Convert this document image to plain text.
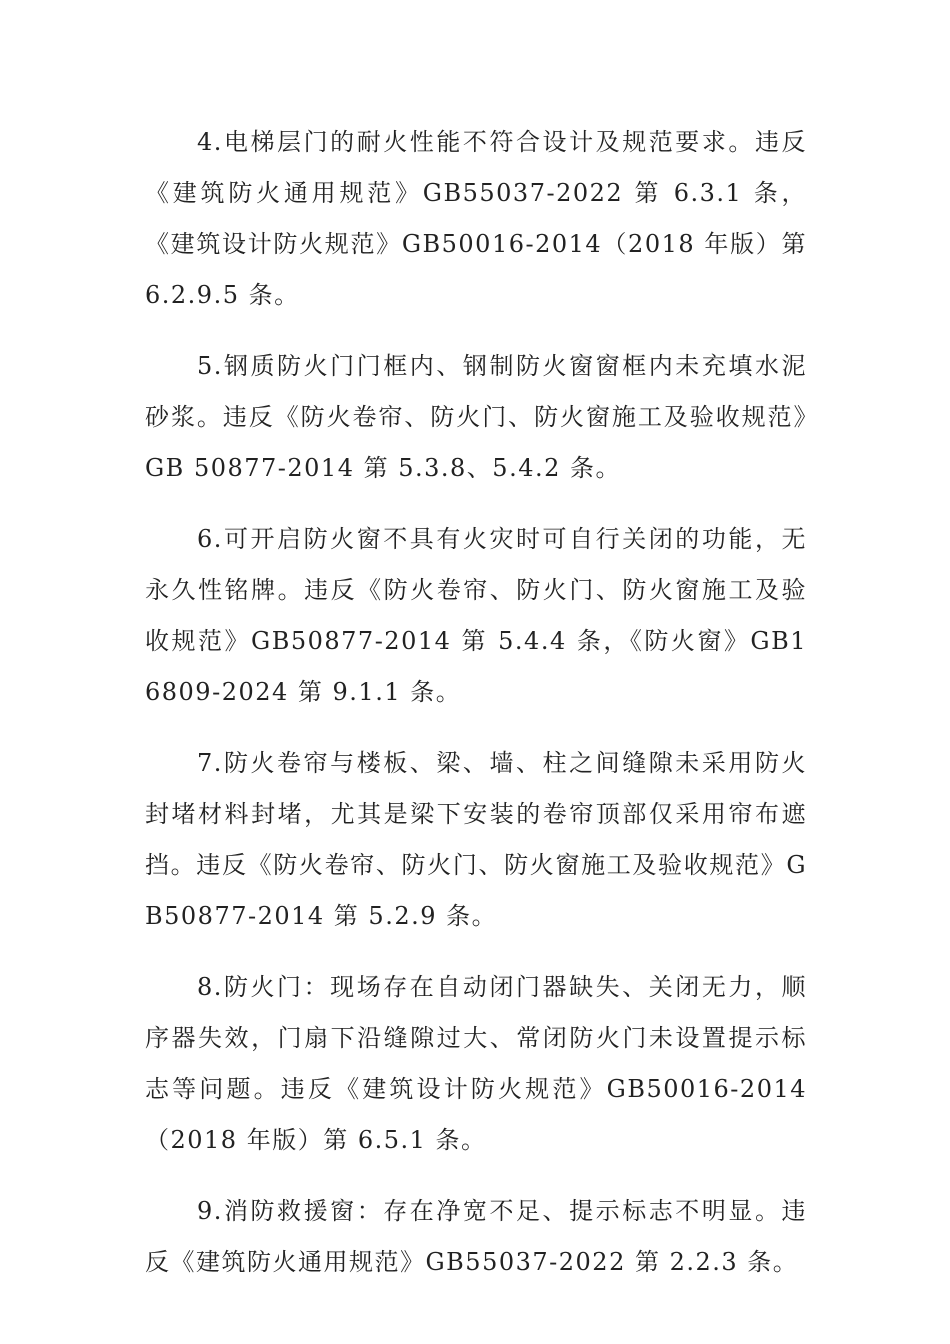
4.电梯层门的耐火性能不符合设计及规范要求。违反《建筑防火通用规范》GB55037-2022 第 6.3.1 条，《建筑设计防火规范》GB50016-2014（2018 年版）第 6.2.9.5 条。

5.钢质防火门门框内、钢制防火窗窗框内未充填水泥砂浆。违反《防火卷帘、防火门、防火窗施工及验收规范》GB 50877-2014 第 5.3.8、5.4.2 条。

6.可开启防火窗不具有火灾时可自行关闭的功能，无永久性铭牌。违反《防火卷帘、防火门、防火窗施工及验收规范》GB50877-2014 第 5.4.4 条，《防火窗》GB16809-2024 第 9.1.1 条。

7.防火卷帘与楼板、梁、墙、柱之间缝隙未采用防火封堵材料封堵，尤其是梁下安装的卷帘顶部仅采用帘布遮挡。违反《防火卷帘、防火门、防火窗施工及验收规范》GB50877-2014 第 5.2.9 条。

8.防火门：现场存在自动闭门器缺失、关闭无力，顺序器失效，门扇下沿缝隙过大、常闭防火门未设置提示标志等问题。违反《建筑设计防火规范》GB50016-2014（2018 年版）第 6.5.1 条。

9.消防救援窗：存在净宽不足、提示标志不明显。违反《建筑防火通用规范》GB55037-2022 第 2.2.3 条。
